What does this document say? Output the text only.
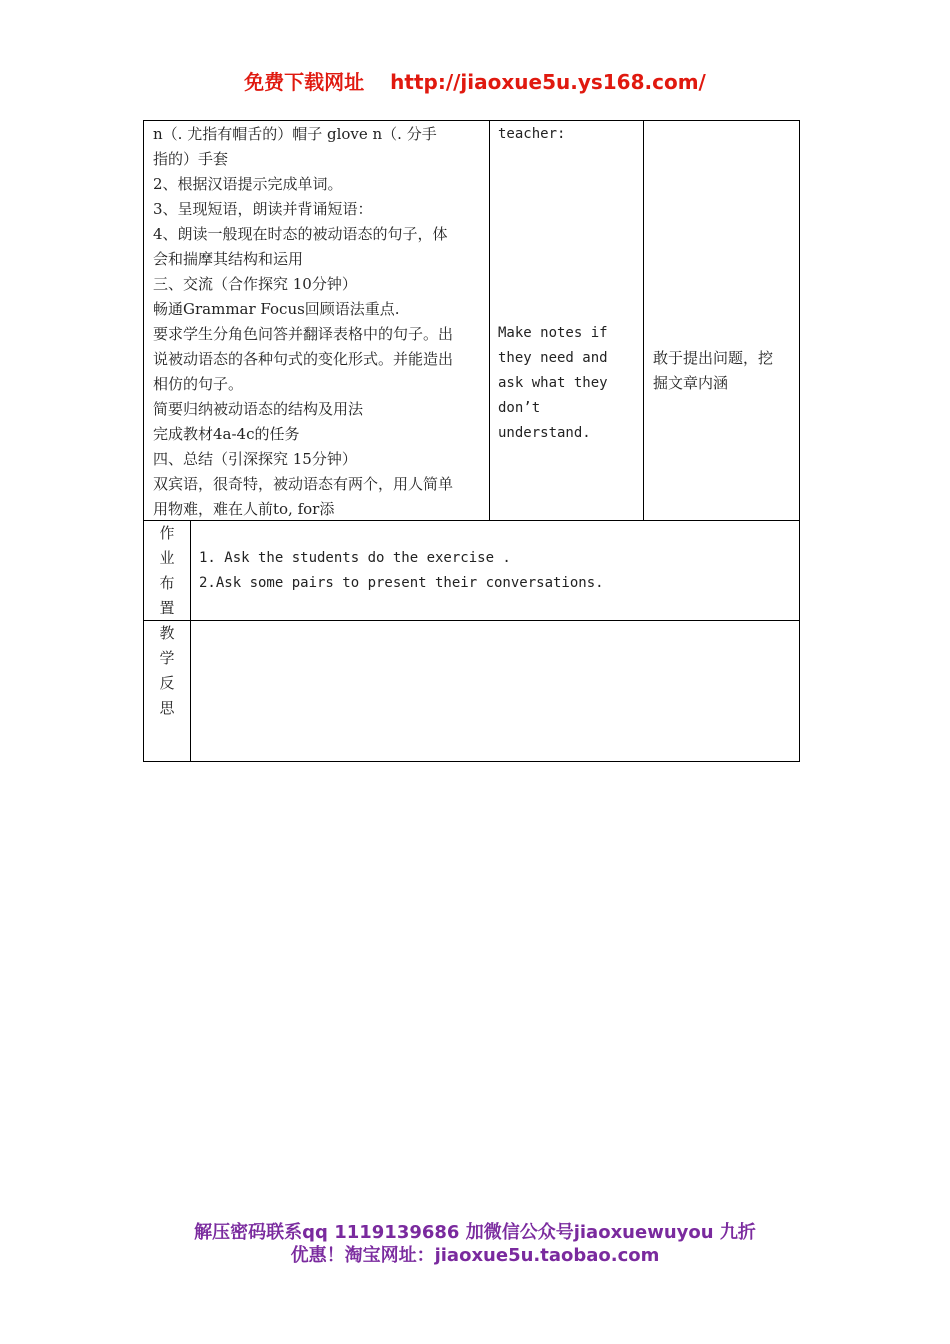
免费下载网址 http://jiaoxue5u.ys168.com/

n（. 尤指有帽舌的）帽子 glove n（. 分手

指的）手套

2、根据汉语提示完成单词。

3、呈现短语，朗读并背诵短语：

4、朗读一般现在时态的被动语态的句子，体

会和揣摩其结构和运用

三、交流（合作探究 10分钟）

畅通Grammar Focus回顾语法重点.

要求学生分角色问答并翻译表格中的句子。出

说被动语态的各种句式的变化形式。并能造出

相仿的句子。

简要归纳被动语态的结构及用法

完成教材4a-4c的任务

四、总结（引深探究 15分钟）

双宾语，很奇特，被动语态有两个，用人简单

用物难，难在人前to, for添

teacher:

Make notes if

they need and

ask what they

don’t

understand.

敢于提出问题，挖

掘文章内涵

作
业
布
置

1. Ask the students do the exercise .

2.Ask some pairs to present their conversations.

教
学
反
思
解压密码联系qq 1119139686 加微信公众号jiaoxuewuyou 九折
优惠！淘宝网址：jiaoxue5u.taobao.com
